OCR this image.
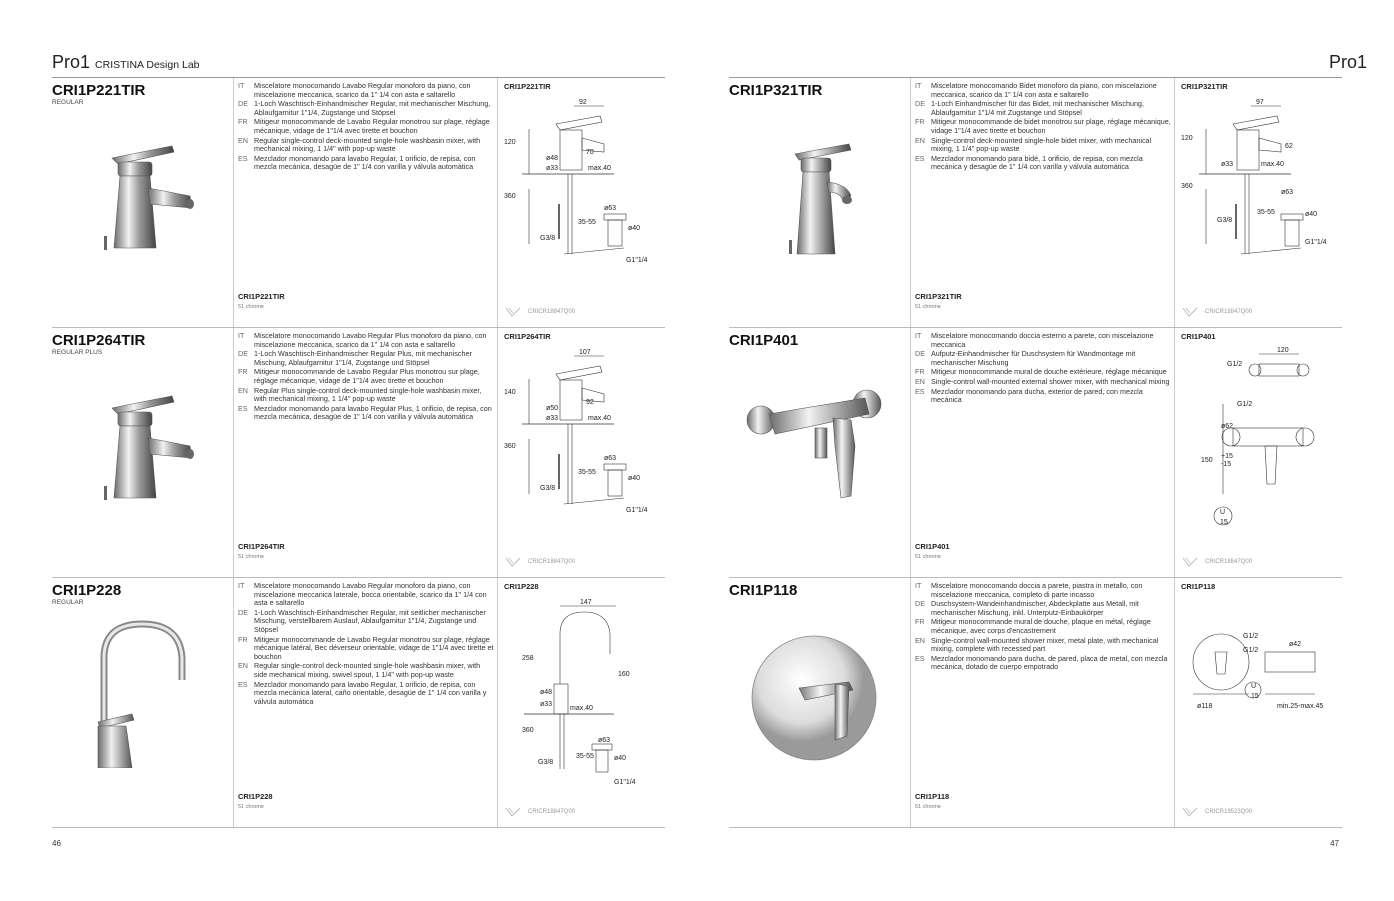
Pro1 CRISTINA Design Lab
CRI1P221TIR
REGULAR
IT	Miscelatore monocomando Lavabo Regular monoforo da piano, con miscelazione meccanica, scarico da 1" 1/4 con asta e saltarello
DE 1-Loch Waschtisch-Einhandmischer Regular, mit mechanischer Mischung, Ablaufgarnitur 1"1/4, Zugstange und Stöpsel
FR Mitigeur monocommande de Lavabo Regular monotrou sur plage, réglage mécanique, vidage de 1"1/4 avec tirette et bouchon
EN Regular single-control deck-mounted single-hole washbasin mixer, with mechanical mixing, 1 1/4" with pop-up waste
ES Mezclador monomando para lavabo Regular, 1 orificio, de repisa, con mezcla mecánica, desagüe de 1" 1/4 con varilla y válvula automática
CRI1P221TIR
51 chrome
CRI1P221TIR
92
120
70
ø48
ø33	max.40
360
ø63
35-55
ø40
G3/8
G1"1/4
CRICR18847Q00
CRI1P264TIR
REGULAR PLUS
IT	Miscelatore monocomando Lavabo Regular Plus monoforo da piano, con miscelazione meccanica, scarico da 1" 1/4 con asta e saltarello
DE 1-Loch Waschtisch-Einhandmischer Regular Plus, mit mechanischer Mischung, Ablaufgarnitur 1"1/4, Zugstange und Stöpsel
FR Mitigeur monocommande de Lavabo Regular Plus monotrou sur plage, réglage mécanique, vidage de 1"1/4 avec tirette et bouchon
EN Regular Plus single-control deck-mounted single-hole washbasin mixer, with mechanical mixing, 1 1/4" pop-up waste
ES Mezclador monomando para lavabo Regular Plus, 1 orificio, de repisa, con mezcla mecánica, desagüe de 1" 1/4 con varilla y válvula automática
CRI1P264TIR
51 chrome
CRI1P264TIR
107
140
92
ø50
ø33	max.40
360
ø63
35-55
ø40
G3/8
G1"1/4
CRICR18847Q00
CRI1P228
REGULAR
IT	Miscelatore monocomando Lavabo Regular monoforo da piano, con miscelazione meccanica laterale, bocca orientabile, scarico da 1" 1/4 con asta e saltarello
DE 1-Loch Waschtisch-Einhandmischer Regular, mit seitlicher mechanischer Mischung, verstellbarem Auslauf, Ablaufgarnitur 1"1/4, Zugstange und Stöpsel
FR Mitigeur monocommande de Lavabo Regular monotrou sur plage, réglage mécanique latéral, Bec déverseur orientable, vidage de 1"1/4 avec tirette et bouchon
EN Regular single-control deck-mounted single-hole washbasin mixer, with side mechanical mixing, swivel spout, 1 1/4" with pop-up waste
ES Mezclador monomando para lavabo Regular, 1 orificio, de repisa, con mezcla mecánica lateral, caño orientable, desagüe de 1" 1/4 con varilla y válvula automática
CRI1P228
51 chrome
CRI1P228
147
258
160
ø48
ø33
max.40
360
ø63
35-55	ø40
G3/8
G1"1/4
CRICR18847Q00
46
Pro1
CRI1P321TIR	IT	Miscelatore monocomando Bidet monoforo da piano, con miscelazione meccanica, scarico da 1" 1/4 con asta e saltarello
DE 1-Loch Einhandmischer für das Bidet, mit mechanischer Mischung, Ablaufgarnitur 1"1/4 mit Zugstange und Stöpsel
FR Mitigeur monocommande de bidet monotrou sur plage, réglage mécanique, vidage 1"1/4 avec tirette et bouchon
EN Single-control deck-mounted single-hole bidet mixer, with mechanical mixing, 1 1/4" pop-up waste
ES Mezclador monomando para bidé, 1 orificio, de repisa, con mezcla mecánica y desagüe de 1" 1/4 con varilla y válvula automática
CRI1P321TIR
51 chrome
CRI1P321TIR
97
120
62
ø33	max.40
360
ø63
35-55	ø40
G3/8
G1"1/4
CRICR18847Q00
CRI1P401	IT	Miscelatore monocomando doccia esterno a parete, con miscelazione meccanica
DE Aufputz-Einhandmischer für Duschsystem für Wandmontage mit mechanischer Mischung
FR Mitigeur monocommande mural de douche extérieure, réglage mécanique
EN Single-control wall-mounted external shower mixer, with mechanical mixing
ES Mezclador monomando para ducha, exterior de pared, con mezcla mecánica
CRI1P401
51 chrome
CRI1P401
120
G1/2
G1/2
ø62
150
+15
-15
U
15
CRICR18847Q00
CRI1P118	IT	Miscelatore monocomando doccia a parete, piastra in metallo, con miscelazione meccanica, completo di parte incasso
DE Duschsystem-Wandeinhandmischer, Abdeckplatte aus Metall, mit mechanischer Mischung, inkl. Unterputz-Einbaukörper
FR Mitigeur monocommande mural de douche, plaque en métal, réglage mécanique, avec corps d'encastrement
EN Single-control wall-mounted shower mixer, metal plate, with mechanical mixing, complete with recessed part
ES Mezclador monomando para ducha, de pared, placa de metal, con mezcla mecánica, dotado de cuerpo empotrado
CRI1P118
51 chrome
CRI1P118
G1/2
G1/2
ø42
U
15
ø118	min.25-max.45
CRICR19523Q00
47
